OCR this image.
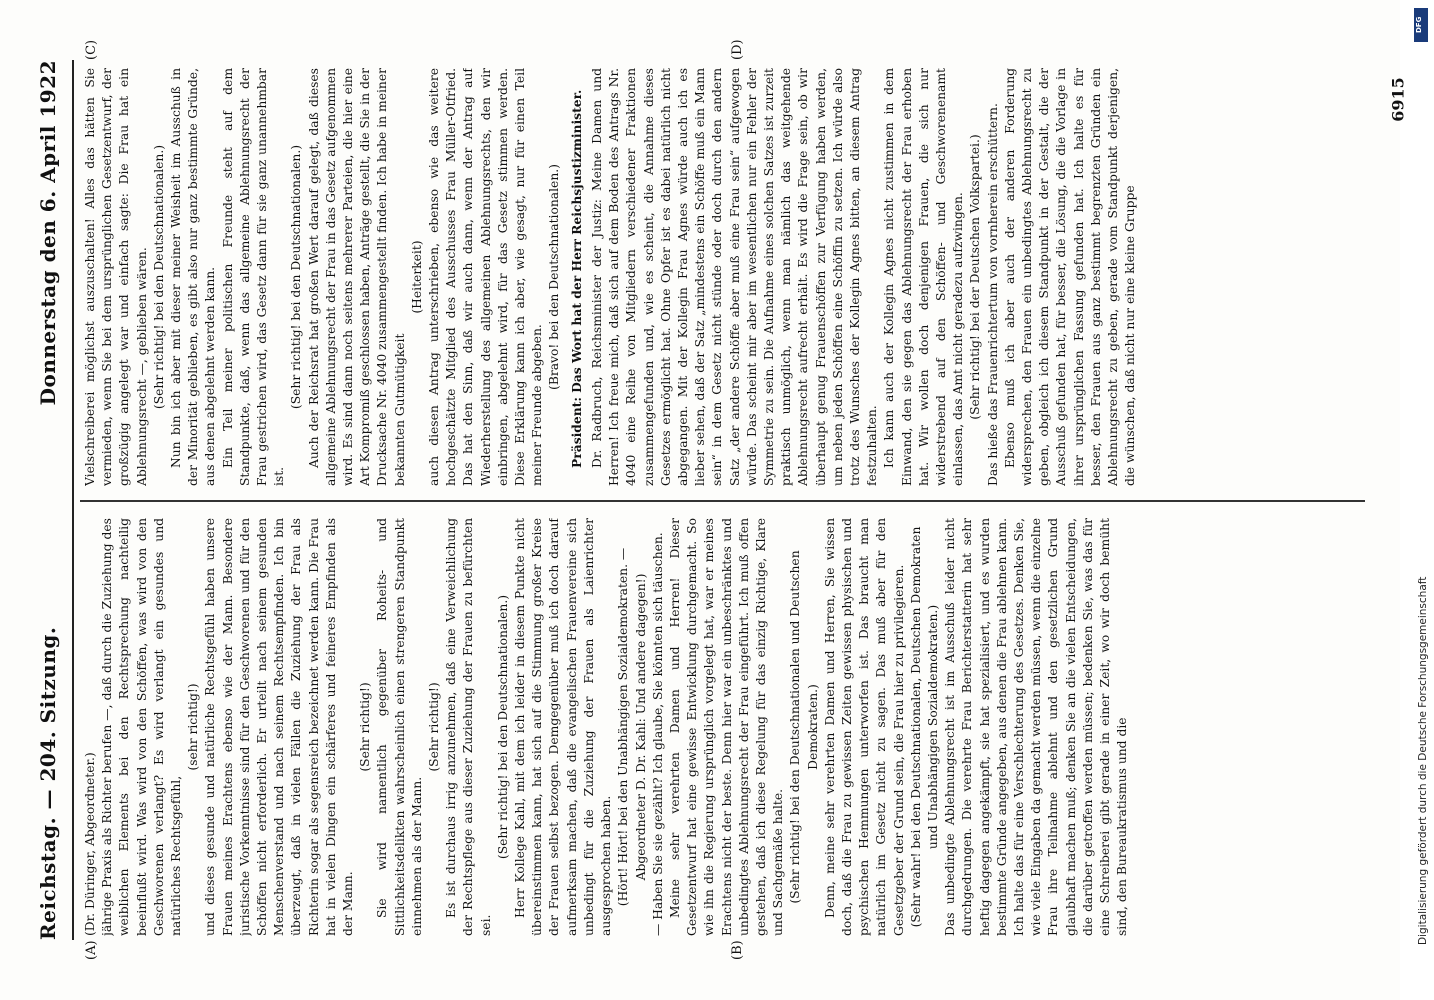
Reichstag. — 204. Sitzung.
Donnerstag den 6. April 1922
(A)	(B)
(C)	(D)

(Dr. Düringer, Abgeordneter.) jährige Praxis als Richter berufen —, daß durch die Zuziehung des weiblichen Elements bei den Rechtsprechung nachteilig beeinflußt wird. Was wird von den Schöffen, was wird von den Geschworenen verlangt? Es wird verlangt ein gesundes und natürliches Rechtsgefühl,

(sehr richtig!) und dieses gesunde und natürliche Rechtsgefühl haben unsere Frauen meines Erachtens ebenso wie der Mann. Besondere juristische Vorkenntnisse sind für den Geschworenen und für den Schöffen nicht erforderlich. Er urteilt nach seinem gesunden Menschenverstand und nach seinem Rechtsempfinden. Ich bin überzeugt, daß in vielen Fällen die Zuziehung der Frau als Richterin sogar als segensreich bezeichnet werden kann. Die Frau hat in vielen Dingen ein schärferes und feineres Empfinden als der Mann.

(Sehr richtig!) Sie wird namentlich gegenüber Roheits- und Sittlichkeitsdelikten wahrscheinlich einen strengeren Standpunkt einnehmen als der Mann.

(Sehr richtig!) Es ist durchaus irrig anzunehmen, daß eine Verweichlichung der Rechtspflege aus dieser Zuziehung der Frauen zu befürchten sei.

(Sehr richtig! bei den Deutschnationalen.) Herr Kollege Kahl, mit dem ich leider in diesem Punkte nicht übereinstimmen kann, hat sich auf die Stimmung großer Kreise der Frauen selbst bezogen. Demgegenüber muß ich doch darauf aufmerksam machen, daß die evangelischen Frauenvereine sich unbedingt für die Zuziehung der Frauen als Laienrichter ausgesprochen haben. (Hört! Hört! bei den Unabhängigen Sozialdemokraten. — Abgeordneter D. Dr. Kahl: Und andere dagegen!) — Haben Sie sie gezählt? Ich glaube, Sie könnten sich täuschen. Meine sehr verehrten Damen und Herren! Dieser Gesetzentwurf hat eine gewisse Entwicklung durchgemacht. So wie ihn die Regierung ursprünglich vorgelegt hat, war er meines Erachtens nicht der beste. Denn hier war ein unbeschränktes und unbedingtes Ablehnungsrecht der Frau eingeführt. Ich muß offen gestehen, daß ich diese Regelung für das einzig Richtige, Klare und Sachgemäße halte. (Sehr richtig! bei den Deutschnationalen und Deutschen Demokraten.) Denn, meine sehr verehrten Damen und Herren, Sie wissen doch, daß die Frau zu gewissen Zeiten gewissen physischen und psychischen Hemmungen unterworfen ist. Das braucht man natürlich im Gesetz nicht zu sagen. Das muß aber für den Gesetzgeber der Grund sein, die Frau hier zu privilegieren. (Sehr wahr! bei den Deutschnationalen, Deutschen Demokraten und Unabhängigen Sozialdemokraten.) Das unbedingte Ablehnungsrecht ist im Ausschuß leider nicht durchgedrungen. Die verehrte Frau Berichterstatterin hat sehr heftig dagegen angekämpft, sie hat spezialisiert, und es wurden bestimmte Gründe angegeben, aus denen die Frau ablehnen kann. Ich halte das für eine Verschlechterung des Gesetzes. Denken Sie, wie viele Eingaben da gemacht werden müssen, wenn die einzelne Frau ihre Teilnahme ablehnt und den gesetzlichen Grund glaubhaft machen muß; denken Sie an die vielen Entscheidungen, die darüber getroffen werden müssen; bedenken Sie, was das für eine Schreiberei gibt gerade in einer Zeit, wo wir doch bemüht sind, den Bureaukratismus und die

Vielschreiberei möglichst auszuschalten! Alles das hätten Sie vermieden, wenn Sie bei dem ursprünglichen Gesetzentwurf, der großzügig angelegt war und einfach sagte: Die Frau hat ein Ablehnungsrecht —, geblieben wären. (Sehr richtig! bei den Deutschnationalen.) Nun bin ich aber mit dieser meiner Weisheit im Ausschuß in der Minorität geblieben, es gibt also nur ganz bestimmte Gründe, aus denen abgelehnt werden kann. Ein Teil meiner politischen Freunde steht auf dem Standpunkte, daß, wenn das allgemeine Ablehnungsrecht der Frau gestrichen wird, das Gesetz dann für sie ganz unannehmbar ist.

(Sehr richtig! bei den Deutschnationalen.) Auch der Reichsrat hat großen Wert darauf gelegt, daß dieses allgemeine Ablehnungsrecht der Frau in das Gesetz aufgenommen wird. Es sind dann noch seitens mehrerer Parteien, die hier eine Art Kompromiß geschlossen haben, Anträge gestellt, die Sie in der Drucksache Nr. 4040 zusammengestellt finden. Ich habe in meiner bekannten Gutmütigkeit

(Heiterkeit) auch diesen Antrag unterschrieben, ebenso wie das weitere hochgeschätzte Mitglied des Ausschusses Frau Müller-Otfried. Das hat den Sinn, daß wir auch dann, wenn der Antrag auf Wiederherstellung des allgemeinen Ablehnungsrechts, den wir einbringen, abgelehnt wird, für das Gesetz stimmen werden. Diese Erklärung kann ich aber, wie gesagt, nur für einen Teil meiner Freunde abgeben.

(Bravo! bei den Deutschnationalen.) Präsident: Das Wort hat der Herr Reichsjustizminister. Dr. Radbruch, Reichsminister der Justiz: Meine Damen und Herren! Ich freue mich, daß sich auf dem Boden des Antrags Nr. 4040 eine Reihe von Mitgliedern verschiedener Fraktionen zusammengefunden und, wie es scheint, die Annahme dieses Gesetzes ermöglicht hat. Ohne Opfer ist es dabei natürlich nicht abgegangen. Mit der Kollegin Frau Agnes würde auch ich es lieber sehen, daß der Satz „mindestens ein Schöffe muß ein Mann sein“ in dem Gesetz nicht stünde oder doch durch den andern Satz „der andere Schöffe aber muß eine Frau sein“ aufgewogen würde. Das scheint mir aber im wesentlichen nur ein Fehler der Symmetrie zu sein. Die Aufnahme eines solchen Satzes ist zurzeit praktisch unmöglich, wenn man nämlich das weitgehende Ablehnungsrecht aufrecht erhält. Es wird die Frage sein, ob wir überhaupt genug Frauenschöffen zur Verfügung haben werden, um neben jeden Schöffen eine Schöffin zu setzen. Ich würde also trotz des Wunsches der Kollegin Agnes bitten, an diesem Antrag festzuhalten. Ich kann auch der Kollegin Agnes nicht zustimmen in dem Einwand, den sie gegen das Ablehnungsrecht der Frau erhoben hat. Wir wollen doch denjenigen Frauen, die sich nur widerstrebend auf den Schöffen- und Geschworenenamt einlassen, das Amt nicht geradezu aufzwingen. (Sehr richtig! bei der Deutschen Volkspartei.) Das hieße das Frauenrichtertum von vornherein erschüttern. Ebenso muß ich aber auch der anderen Forderung widersprechen, den Frauen ein unbedingtes Ablehnungsrecht zu geben, obgleich ich diesem Standpunkt in der Gestalt, die der Ausschuß gefunden hat, für besser, die Lösung, die die Vorlage in ihrer ursprünglichen Fassung gefunden hat. Ich halte es für besser, den Frauen aus ganz bestimmt begrenzten Gründen ein Ablehnungsrecht zu geben, gerade vom Standpunkt derjenigen, die wünschen, daß nicht nur eine kleine Gruppe

DFG
Digitalisierung gefördert durch die Deutsche Forschungsgemeinschaft
6915
